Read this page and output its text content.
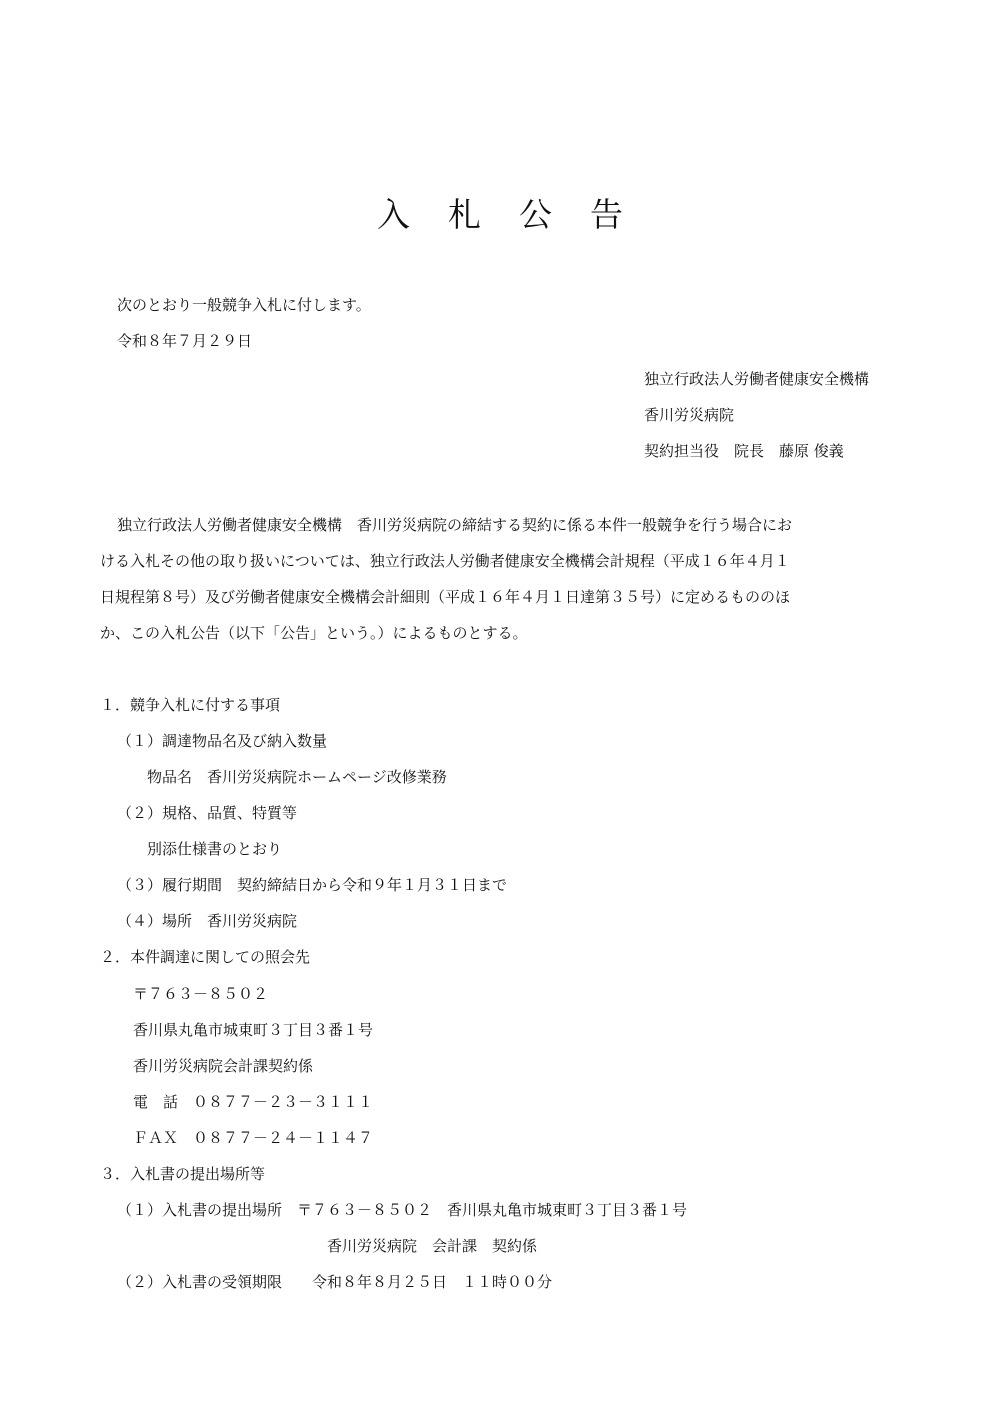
入札公告
次のとおり一般競争入札に付します。
令和８年７月２９日
独立行政法人労働者健康安全機構
香川労災病院
契約担当役　院長　藤原 俊義
独立行政法人労働者健康安全機構　香川労災病院の締結する契約に係る本件一般競争を行う場合にお
ける入札その他の取り扱いについては、独立行政法人労働者健康安全機構会計規程（平成１６年４月１
日規程第８号）及び労働者健康安全機構会計細則（平成１６年４月１日達第３５号）に定めるもののほ
か、この入札公告（以下「公告」という。）によるものとする。
１．競争入札に付する事項
（１）調達物品名及び納入数量
物品名　香川労災病院ホームページ改修業務
（２）規格、品質、特質等
別添仕様書のとおり
（３）履行期間　契約締結日から令和９年１月３１日まで
（４）場所　香川労災病院
２．本件調達に関しての照会先
〒７６３－８５０２
香川県丸亀市城東町３丁目３番１号
香川労災病院会計課契約係
電　話　０８７７－２３－３１１１
ＦＡＸ　０８７７－２４－１１４７
３．入札書の提出場所等
（１）入札書の提出場所　〒７６３－８５０２　香川県丸亀市城東町３丁目３番１号
香川労災病院　会計課　契約係
（２）入札書の受領期限　　令和８年８月２５日　１１時００分
